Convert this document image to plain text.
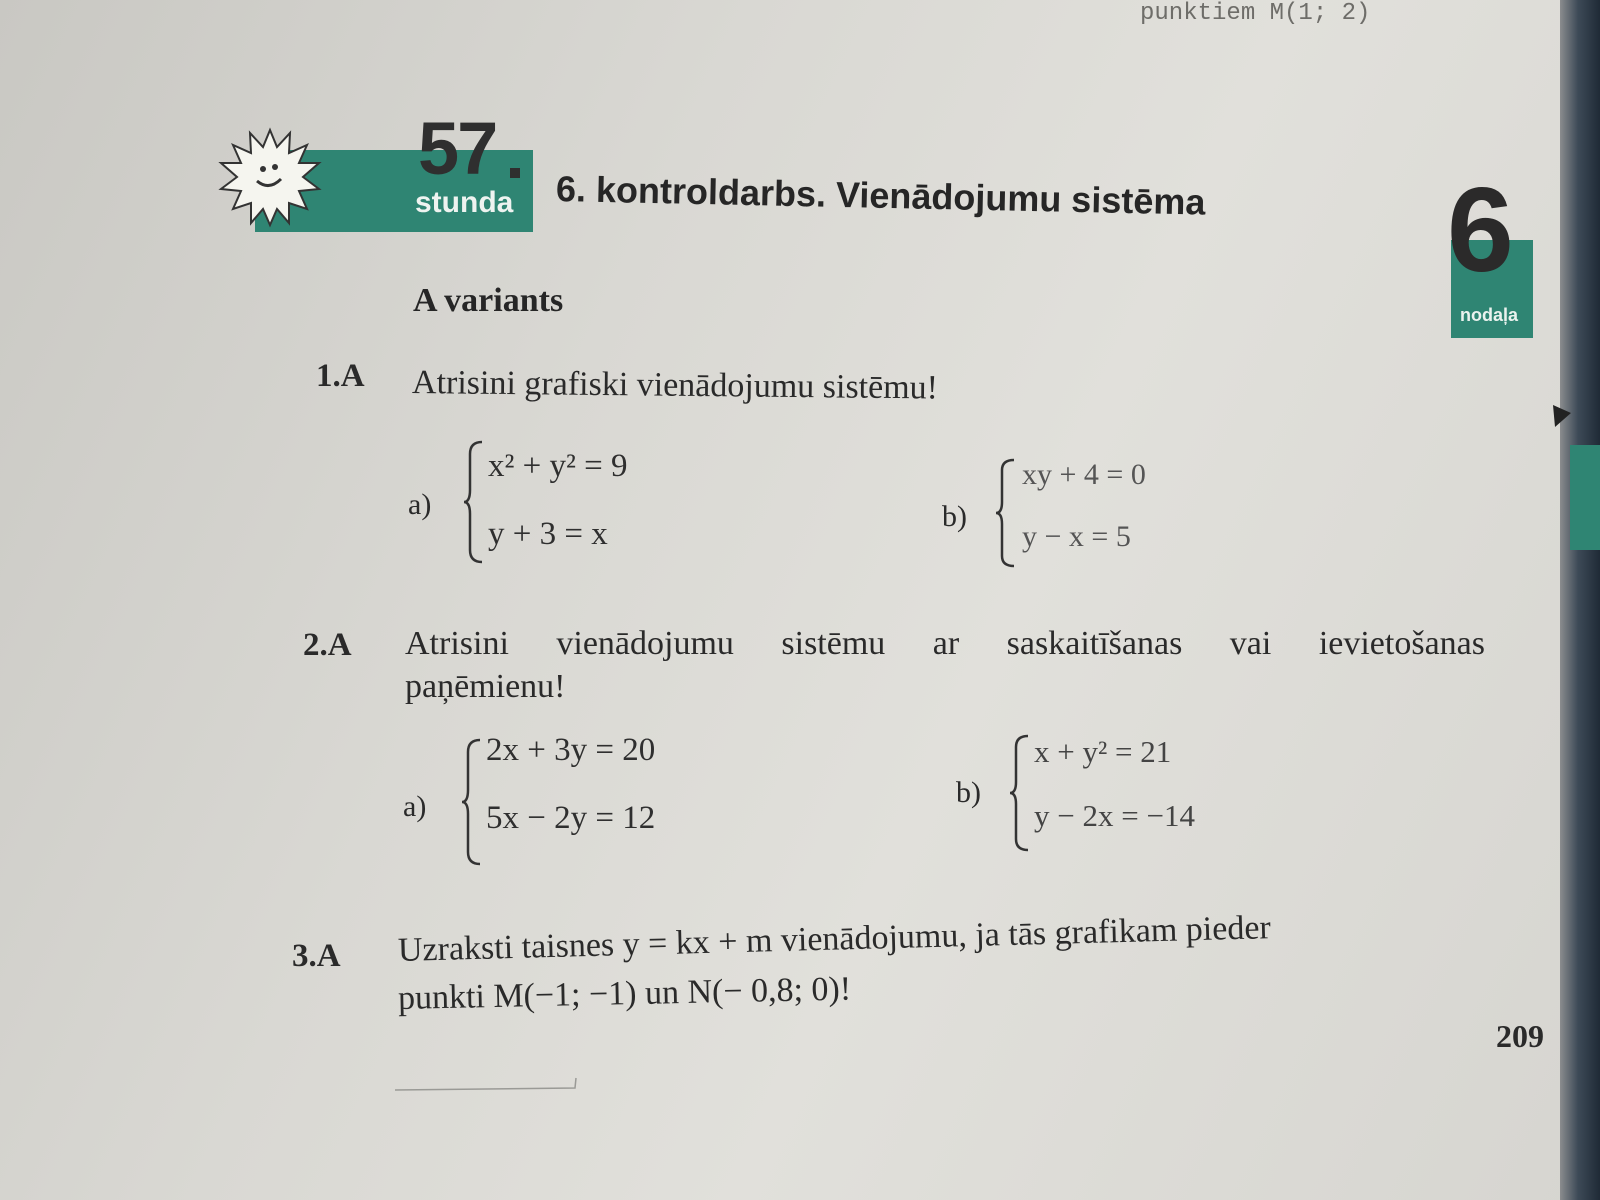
punktiem M(1; 2)
57
stunda 6. kontroldarbs. Vienādojumu sistēma 6
nodaļa
A variants
1.A Atrisini grafiski vienādojumu sistēmu!
a)
x² + y² = 9
y + 3 = x	b)
xy + 4 = 0
y − x = 5
2.A Atrisini vienādojumu sistēmu ar saskaitīšanas vai ievietošanas
paņēmienu!
a)
2x + 3y = 20
5x − 2y = 12
b)
x + y² = 21
y − 2x = −14
3.A Uzraksti taisnes y = kx + m vienādojumu, ja tās grafikam pieder
punkti M(−1; −1) un N(− 0,8; 0)!
209
